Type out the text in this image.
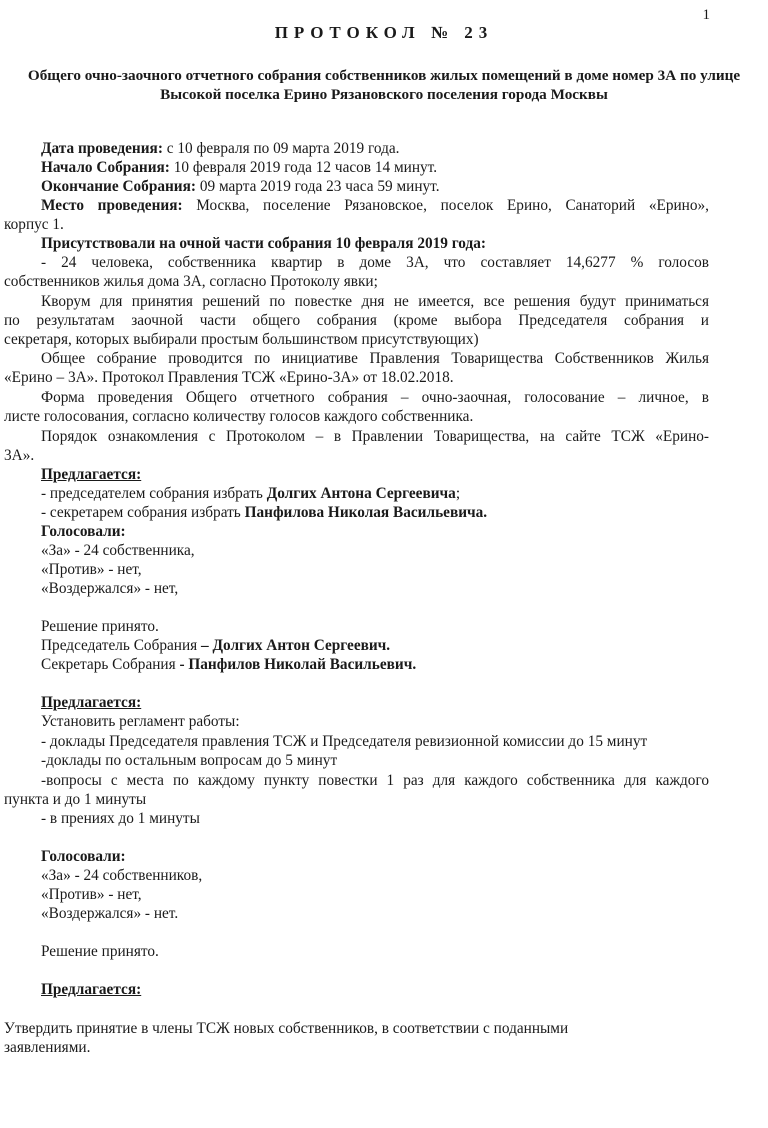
1
ПРОТОКОЛ № 23
Общего очно-заочного отчетного собрания собственников жилых помещений в доме номер 3А по улице Высокой поселка Ерино Рязановского поселения города Москвы
Дата проведения: с 10 февраля по 09 марта 2019 года.
Начало Собрания: 10 февраля 2019 года 12 часов 14 минут.
Окончание Собрания: 09 марта 2019 года 23 часа 59 минут.
Место проведения: Москва, поселение Рязановское, поселок Ерино, Санаторий «Ерино»,
корпус 1.
Присутствовали на очной части собрания 10 февраля 2019 года:
- 24 человека, собственника квартир в доме 3А, что составляет 14,6277 % голосов
собственников жилья дома 3А, согласно Протоколу явки;
Кворум для принятия решений по повестке дня не имеется, все решения будут приниматься
по результатам заочной части общего собрания (кроме выбора Председателя собрания и
секретаря, которых выбирали простым большинством присутствующих)
Общее собрание проводится по инициативе Правления Товарищества Собственников Жилья
«Ерино – 3А». Протокол Правления ТСЖ «Ерино-3А» от 18.02.2018.
Форма проведения Общего отчетного собрания – очно-заочная, голосование – личное, в
листе голосования, согласно количеству голосов каждого собственника.
Порядок ознакомления с Протоколом – в Правлении Товарищества, на сайте ТСЖ «Ерино-
3А».
Предлагается:
- председателем собрания избрать Долгих Антона Сергеевича;
- секретарем собрания избрать Панфилова Николая Васильевича.
Голосовали:
«За» - 24 собственника,
«Против» - нет,
«Воздержался» - нет,
Решение принято.
Председатель Собрания – Долгих Антон Сергеевич.
Секретарь Собрания - Панфилов Николай Васильевич.
Предлагается:
Установить регламент работы:
- доклады Председателя правления ТСЖ и Председателя ревизионной комиссии до 15 минут
-доклады по остальным вопросам до 5 минут
-вопросы с места по каждому пункту повестки 1 раз для каждого собственника для каждого
пункта и до 1 минуты
- в прениях до 1 минуты
Голосовали:
«За» - 24 собственников,
«Против» - нет,
«Воздержался» - нет.
Решение принято.
Предлагается:
Утвердить принятие в члены ТСЖ новых собственников, в соответствии с поданными
заявлениями.
